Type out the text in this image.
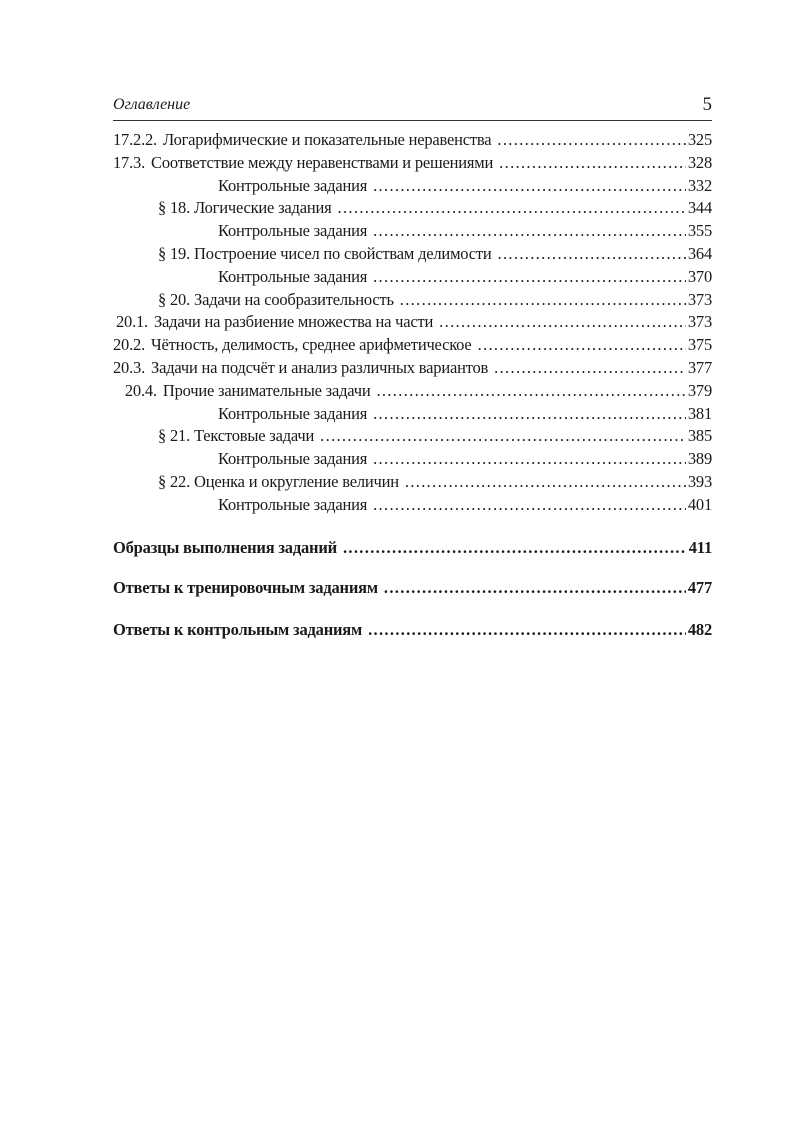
Оглавление	5
17.2.2. Логарифмические и показательные неравенства . . .	325
17.3. Соответствие между неравенствами и решениями . . .	328
Контрольные задания . . .	332
§ 18. Логические задания . . .	344
Контрольные задания . . .	355
§ 19. Построение чисел по свойствам делимости . . .	364
Контрольные задания . . .	370
§ 20. Задачи на сообразительность . . .	373
20.1. Задачи на разбиение множества на части . . .	373
20.2. Чётность, делимость, среднее арифметическое . . .	375
20.3. Задачи на подсчёт и анализ различных вариантов . . .	377
20.4. Прочие занимательные задачи . . .	379
Контрольные задания . . .	381
§ 21. Текстовые задачи . . .	385
Контрольные задания . . .	389
§ 22. Оценка и округление величин . . .	393
Контрольные задания . . .	401
Образцы выполнения заданий . . .	411
Ответы к тренировочным заданиям . . .	477
Ответы к контрольным заданиям . . .	482
